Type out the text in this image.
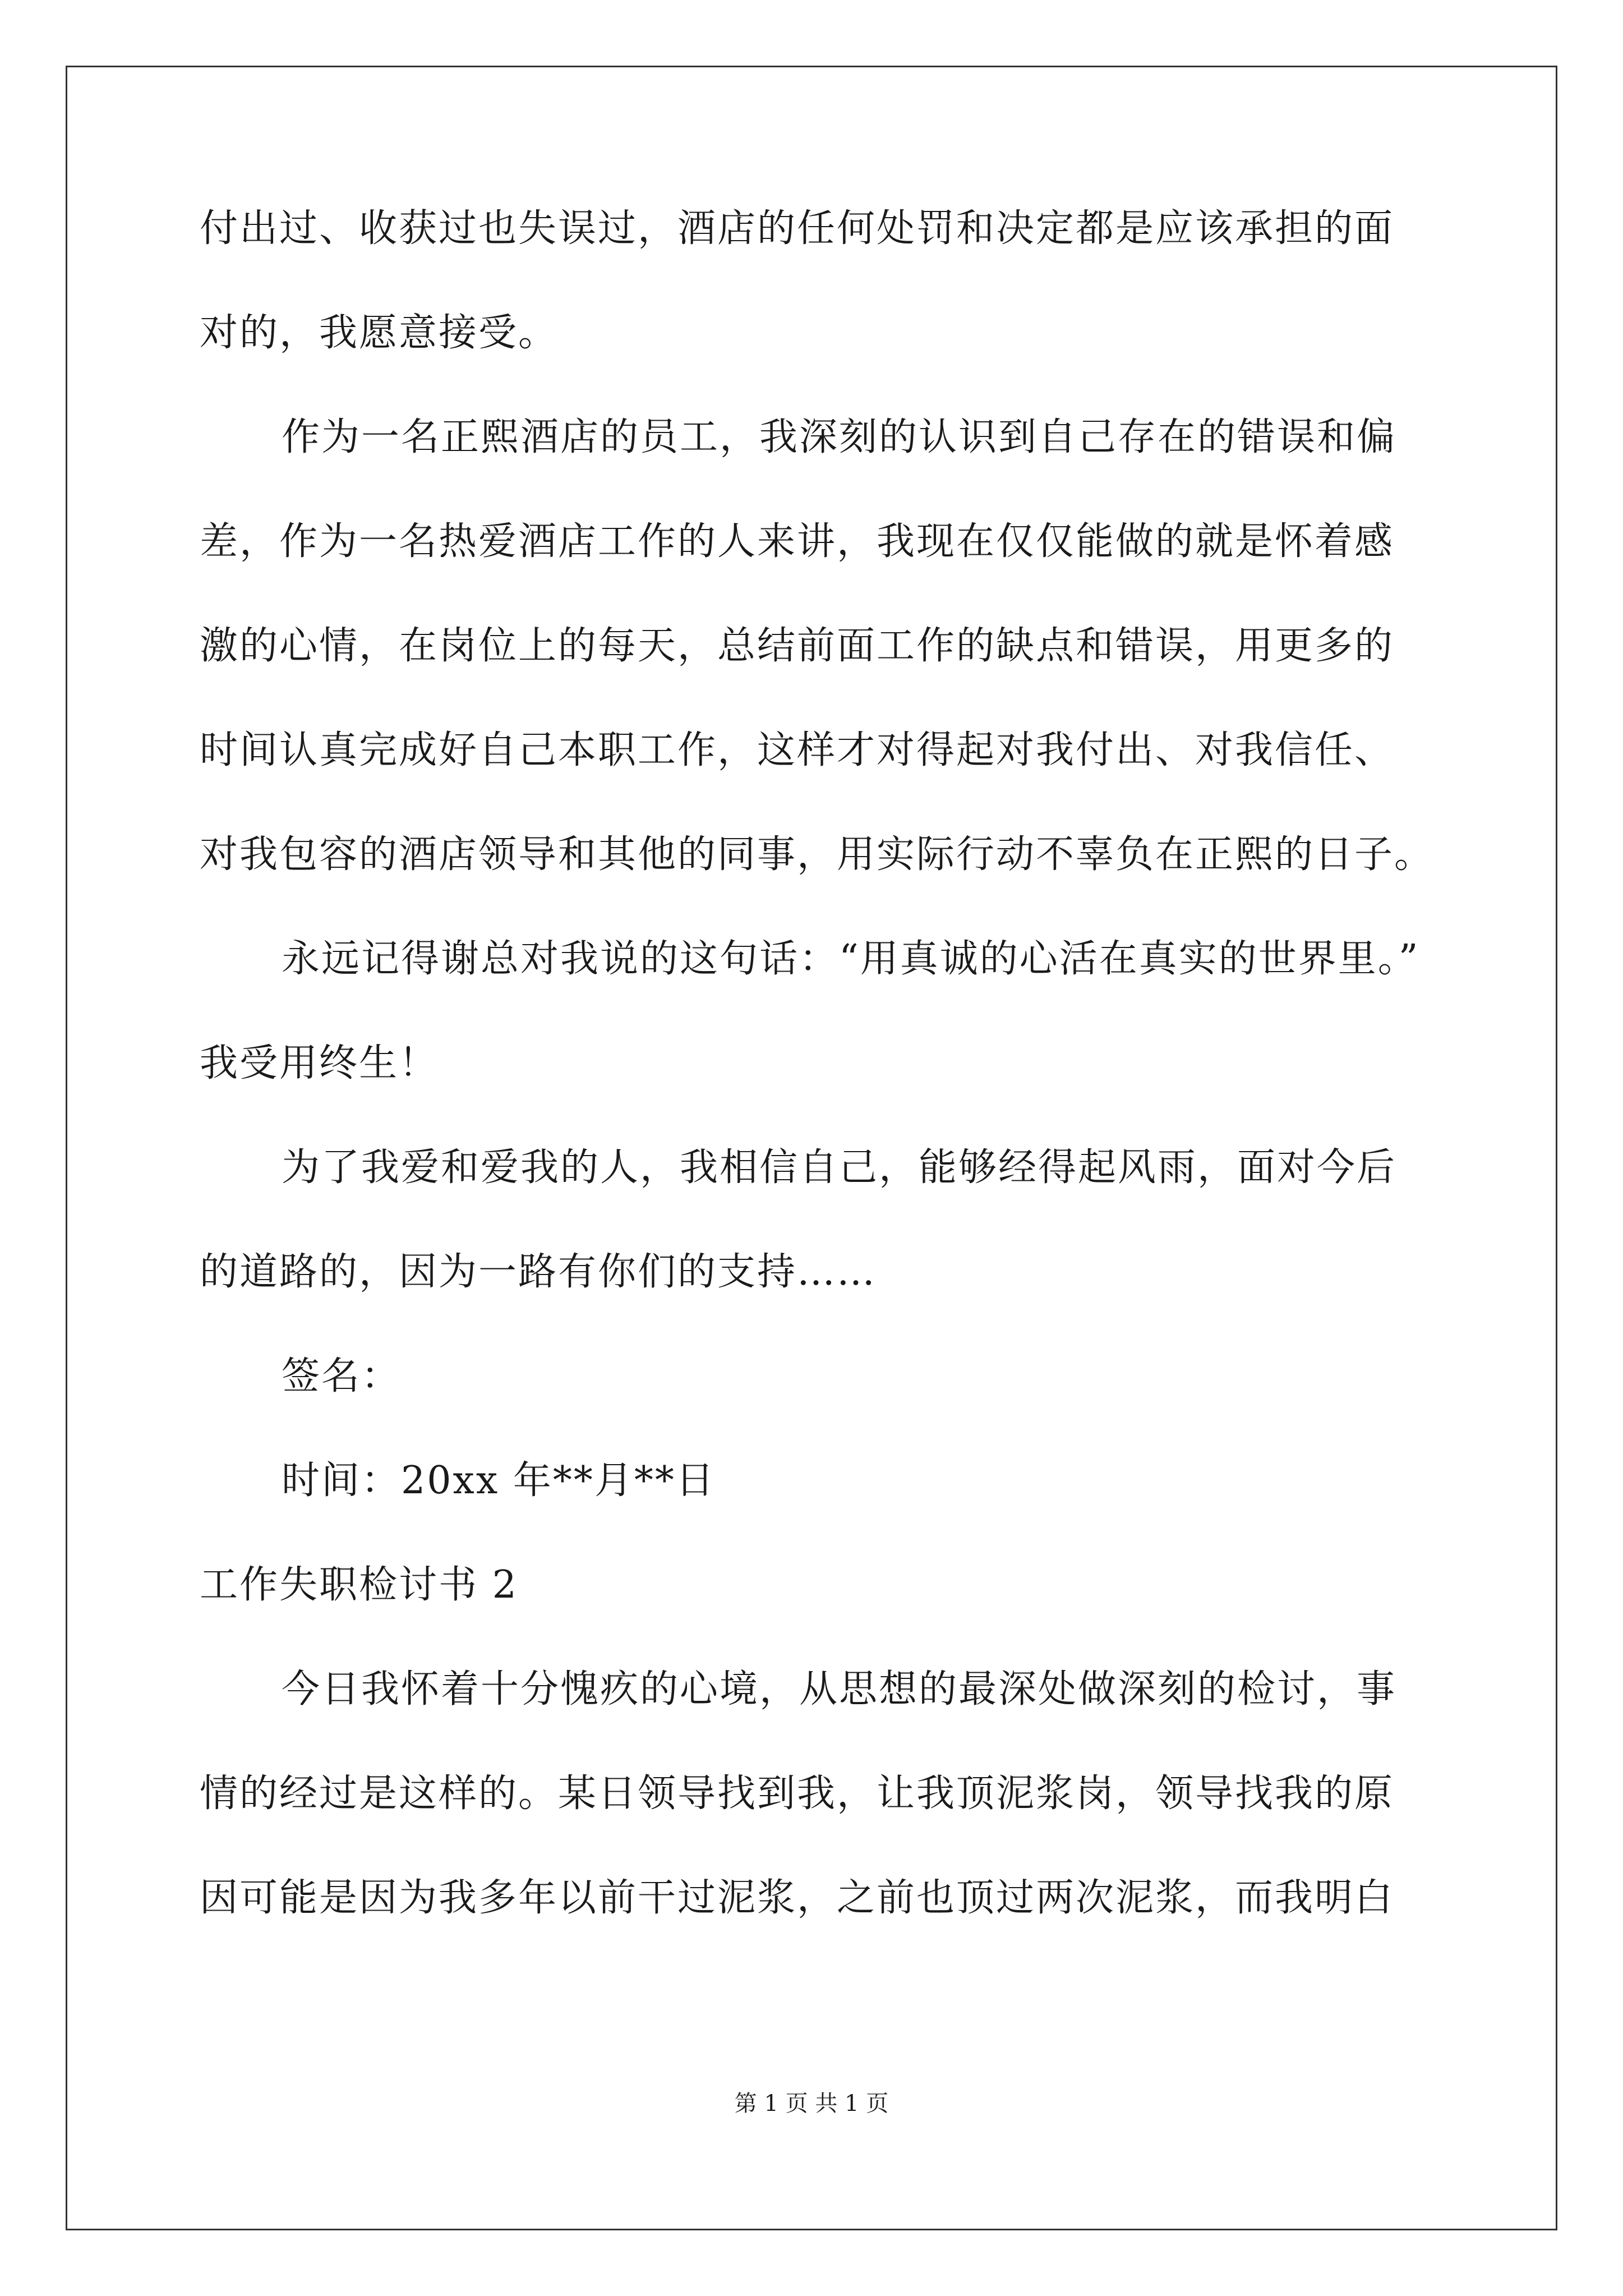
付出过、收获过也失误过，酒店的任何处罚和决定都是应该承担的面
对的，我愿意接受。
作为一名正熙酒店的员工，我深刻的认识到自己存在的错误和偏
差，作为一名热爱酒店工作的人来讲，我现在仅仅能做的就是怀着感
激的心情，在岗位上的每天，总结前面工作的缺点和错误，用更多的
时间认真完成好自己本职工作，这样才对得起对我付出、对我信任、
对我包容的酒店领导和其他的同事，用实际行动不辜负在正熙的日子。
永远记得谢总对我说的这句话：“用真诚的心活在真实的世界里。”
我受用终生！
为了我爱和爱我的人，我相信自己，能够经得起风雨，面对今后
的道路的，因为一路有你们的支持……
签名：
时间：20xx 年**月**日
工作失职检讨书 2
今日我怀着十分愧疚的心境，从思想的最深处做深刻的检讨，事
情的经过是这样的。某日领导找到我，让我顶泥浆岗，领导找我的原
因可能是因为我多年以前干过泥浆，之前也顶过两次泥浆，而我明白
第 1 页 共 1 页
